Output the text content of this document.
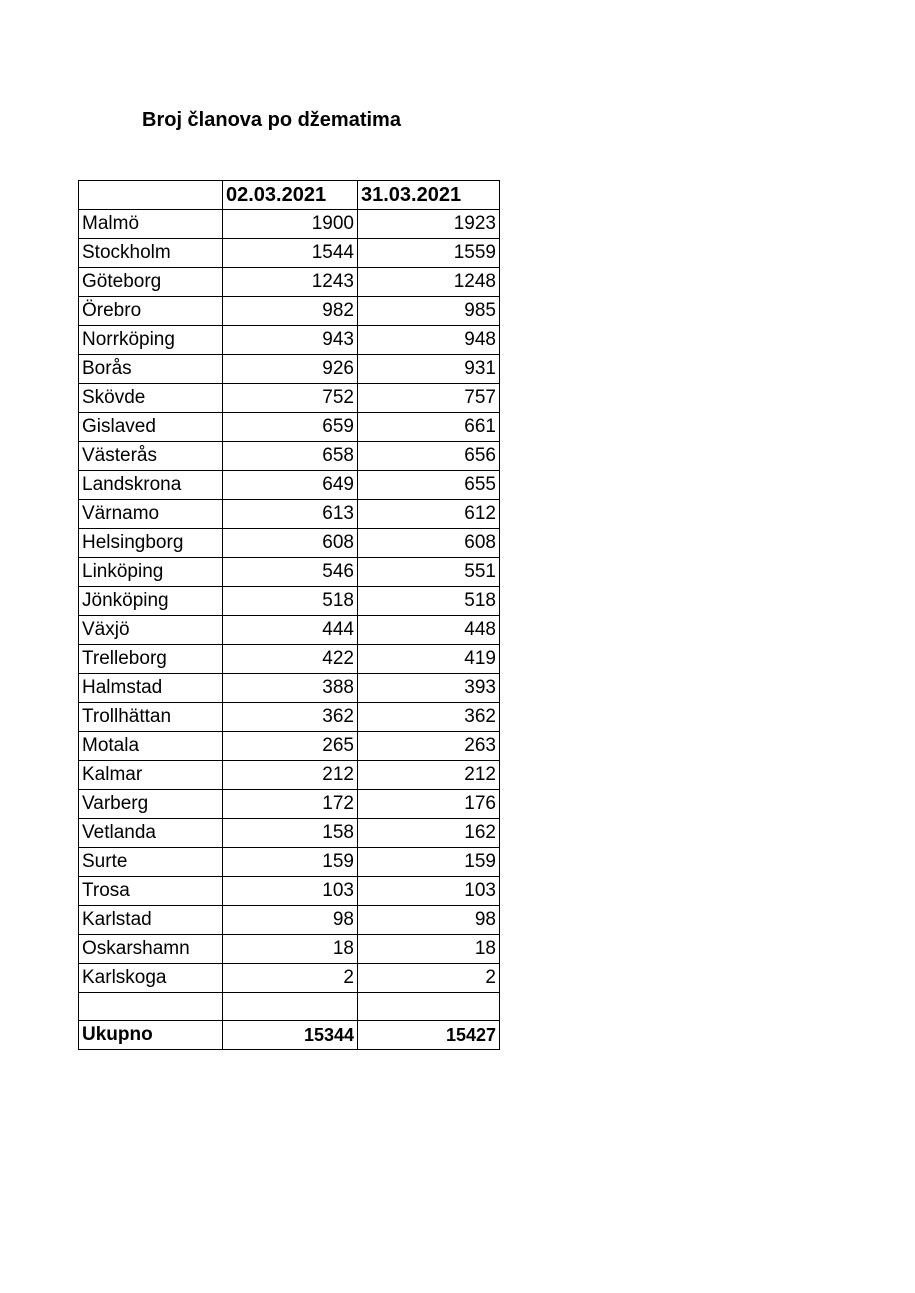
Broj članova po džematima
	02.03.2021	31.03.2021
Malmö	1900	1923
Stockholm	1544	1559
Göteborg	1243	1248
Örebro	982	985
Norrköping	943	948
Borås	926	931
Skövde	752	757
Gislaved	659	661
Västerås	658	656
Landskrona	649	655
Värnamo	613	612
Helsingborg	608	608
Linköping	546	551
Jönköping	518	518
Växjö	444	448
Trelleborg	422	419
Halmstad	388	393
Trollhättan	362	362
Motala	265	263
Kalmar	212	212
Varberg	172	176
Vetlanda	158	162
Surte	159	159
Trosa	103	103
Karlstad	98	98
Oskarshamn	18	18
Karlskoga	2	2

Ukupno	15344	15427
